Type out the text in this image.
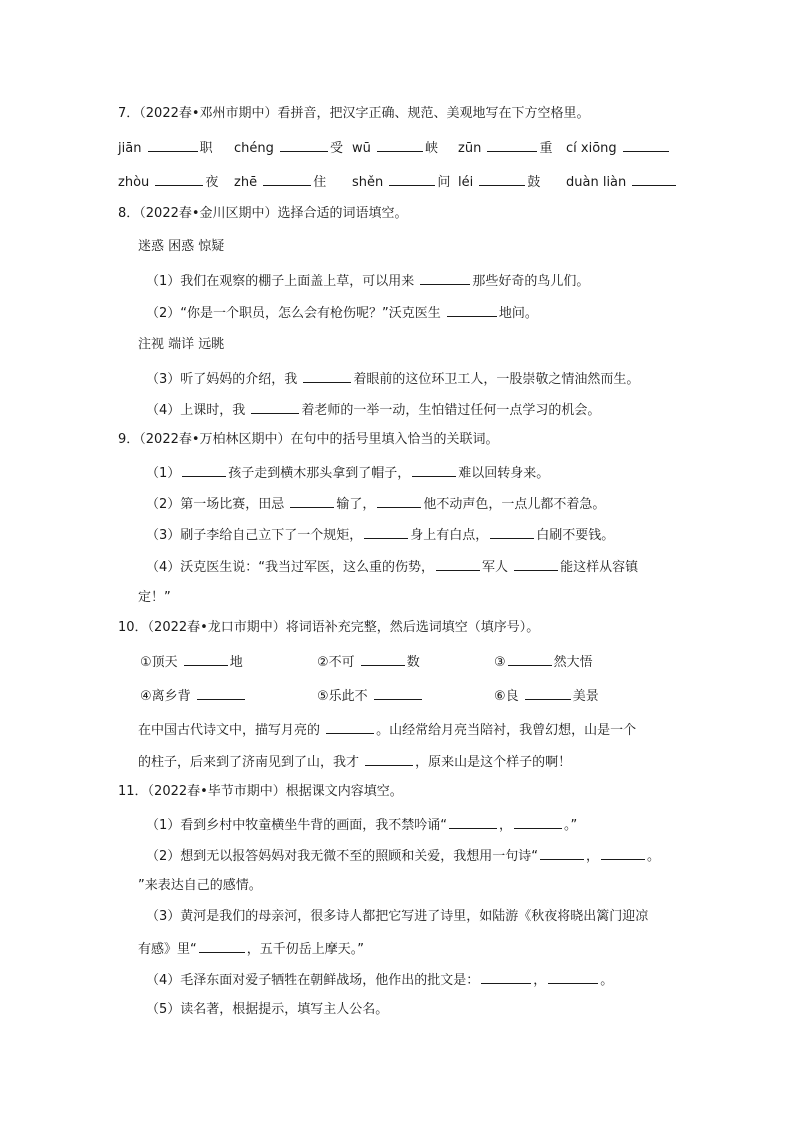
7．（2022春•邓州市期中）看拼音，把汉字正确、规范、美观地写在下方空格里。
jiān	职 chéng	受 wū	峡 zūn	重 cí xiōng
zhòu	夜 zhē	住 shěn	问 léi	鼓 duàn liàn
8．（2022春•金川区期中）选择合适的词语填空。
迷惑 困惑 惊疑
（1）我们在观察的棚子上面盖上草，可以用来	那些好奇的鸟儿们。
（2）“你是一个职员，怎么会有枪伤呢？”沃克医生	地问。
注视 端详 远眺
（3）听了妈妈的介绍，我	着眼前的这位环卫工人，一股崇敬之情油然而生。
（4）上课时，我	着老师的一举一动，生怕错过任何一点学习的机会。
9．（2022春•万柏林区期中）在句中的括号里填入恰当的关联词。
（1）	孩子走到横木那头拿到了帽子，	难以回转身来。
（2）第一场比赛，田忌	输了，	他不动声色，一点儿都不着急。
（3）刷子李给自己立下了一个规矩，	身上有白点，	白刷不要钱。
（4）沃克医生说：“我当过军医，这么重的伤势，	军人	能这样从容镇
定！”
10．（2022春•龙口市期中）将词语补充完整，然后选词填空（填序号）。
①顶天	地	②不可	数	③	然大悟
④离乡背	⑤乐此不	⑥良	美景
在中国古代诗文中，描写月亮的	。山经常给月亮当陪衬，我曾幻想，山是一个
的柱子，后来到了济南见到了山，我才	，原来山是这个样子的啊！
11．（2022春•毕节市期中）根据课文内容填空。
（1）看到乡村中牧童横坐牛背的画面，我不禁吟诵“	，	。”
（2）想到无以报答妈妈对我无微不至的照顾和关爱，我想用一句诗“	，	。
”来表达自己的感情。
（3）黄河是我们的母亲河，很多诗人都把它写进了诗里，如陆游《秋夜将晓出篱门迎凉
有感》里“	，五千仞岳上摩天。”
（4）毛泽东面对爱子牺牲在朝鲜战场，他作出的批文是：	，	。
（5）读名著，根据提示，填写主人公名。
